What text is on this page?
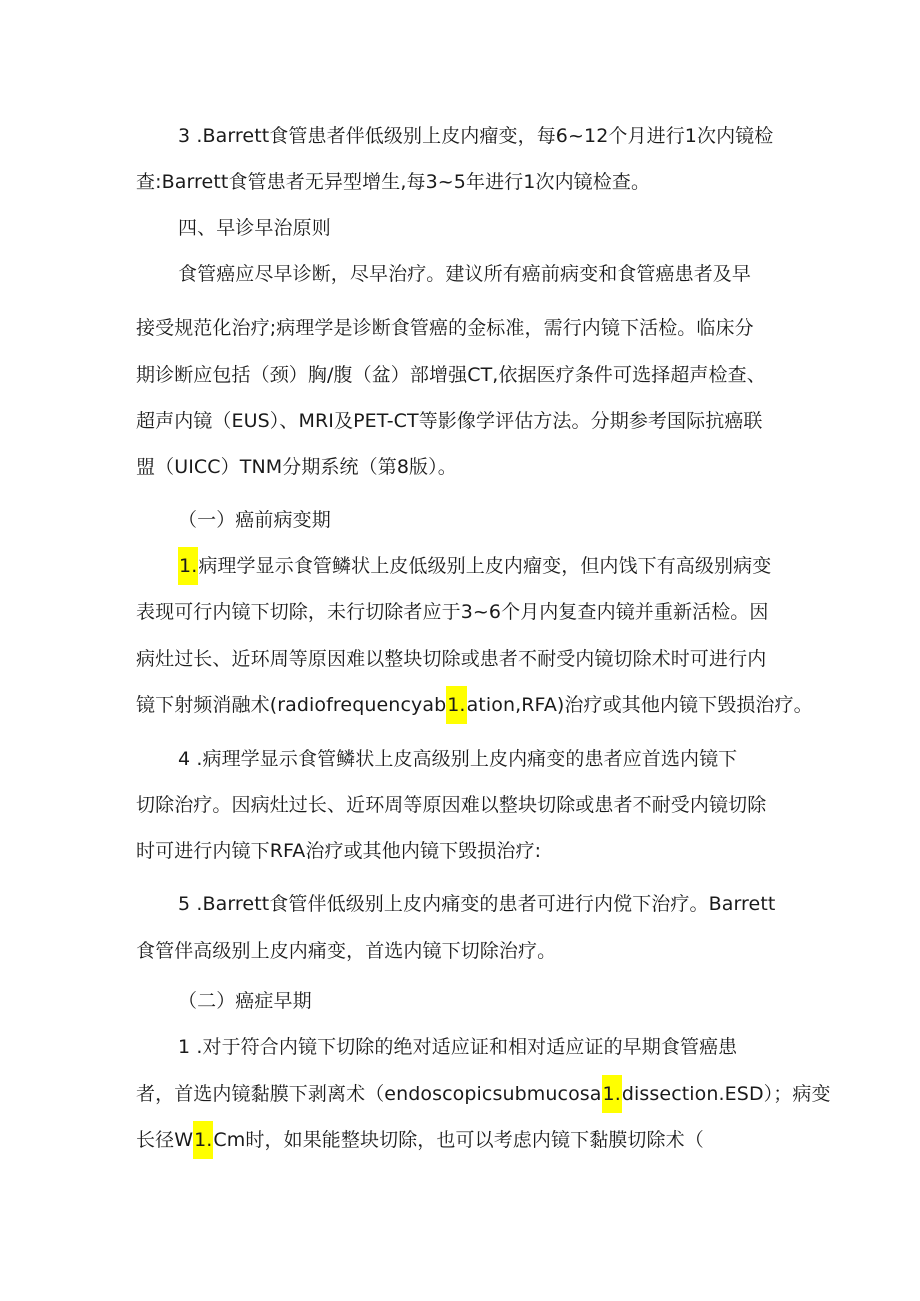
3 .Barrett食管患者伴低级别上皮内瘤变，每6~12个月进行1次内镜检
查:Barrett食管患者无异型增生,每3~5年进行1次内镜检查。
四、早诊早治原则
食管癌应尽早诊断，尽早治疗。建议所有癌前病变和食管癌患者及早
接受规范化治疗;病理学是诊断食管癌的金标准，需行内镜下活检。临床分
期诊断应包括（颈）胸/腹（盆）部增强CT,依据医疗条件可选择超声检查、
超声内镜（EUS）、MRI及PET-CT等影像学评估方法。分期参考国际抗癌联
盟（UICC）TNM分期系统（第8版）。
（一）癌前病变期
1.病理学显示食管鳞状上皮低级别上皮内瘤变，但内饯下有高级别病变
表现可行内镜下切除，未行切除者应于3~6个月内复查内镜并重新活检。因
病灶过长、近环周等原因难以整块切除或患者不耐受内镜切除术时可进行内
镜下射频消融术(radiofrequencyab1.ation,RFA)治疗或其他内镜下毁损治疗。
4 .病理学显示食管鳞状上皮高级别上皮内痛变的患者应首选内镜下
切除治疗。因病灶过长、近环周等原因难以整块切除或患者不耐受内镜切除
时可进行内镜下RFA治疗或其他内镜下毁损治疗:
5 .Barrett食管伴低级别上皮内痛变的患者可进行内傥下治疗。Barrett
食管伴高级别上皮内痛变，首选内镜下切除治疗。
（二）癌症早期
1 .对于符合内镜下切除的绝对适应证和相对适应证的早期食管癌患
者，首选内镜黏膜下剥离术（endoscopicsubmucosa1.dissection.ESD）；病变
长径W1.Cm时，如果能整块切除，也可以考虑内镜下黏膜切除术（
